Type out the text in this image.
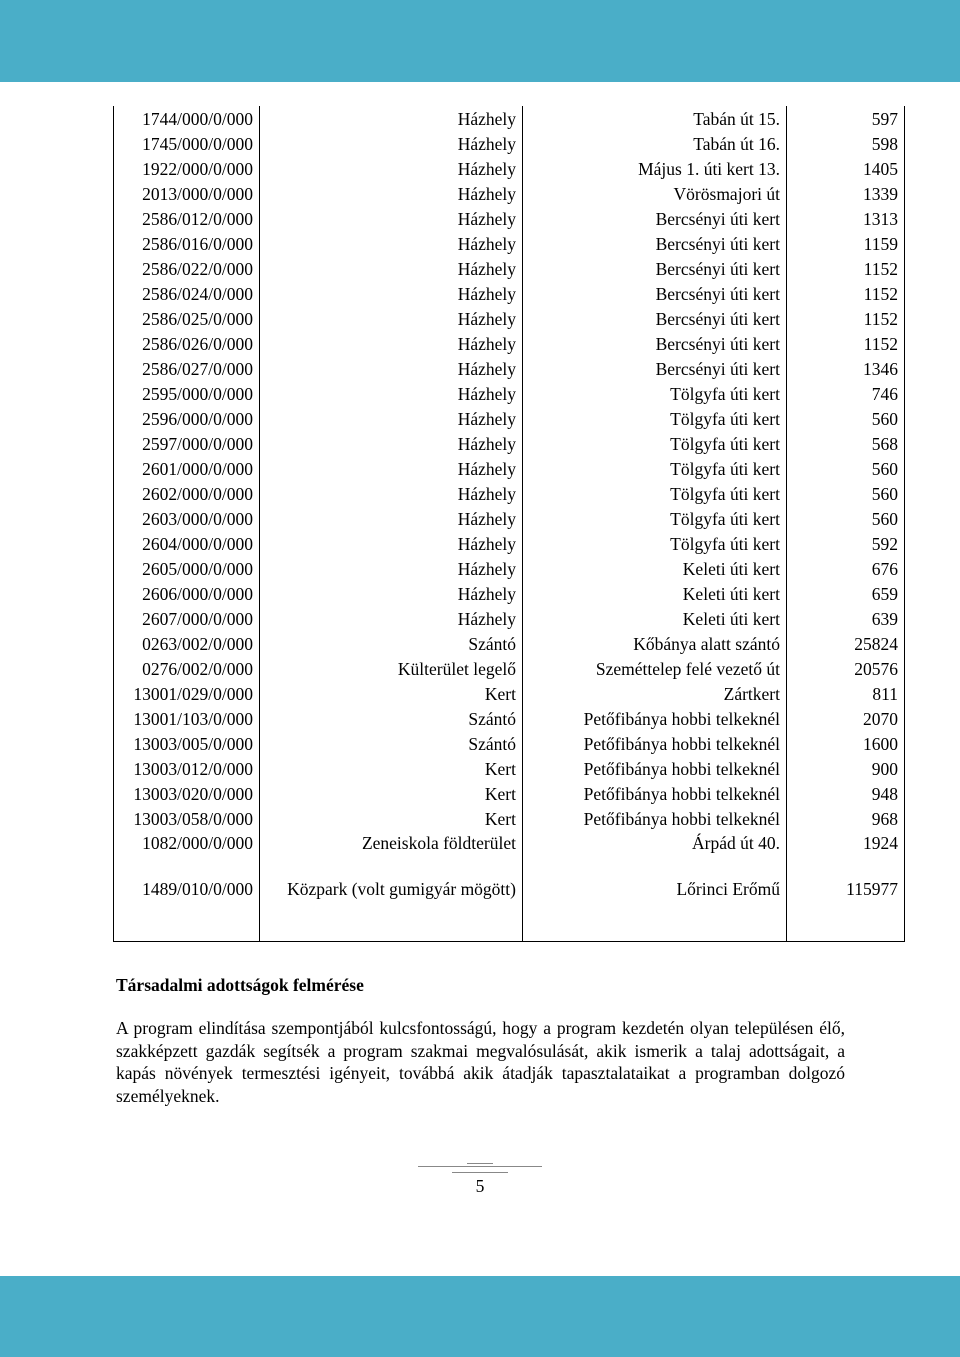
1744/000/0/000	Házhely	Tabán út 15.	597
1745/000/0/000	Házhely	Tabán út 16.	598
1922/000/0/000	Házhely	Május 1. úti kert 13.	1405
2013/000/0/000	Házhely	Vörösmajori út	1339
2586/012/0/000	Házhely	Bercsényi úti kert	1313
2586/016/0/000	Házhely	Bercsényi úti kert	1159
2586/022/0/000	Házhely	Bercsényi úti kert	1152
2586/024/0/000	Házhely	Bercsényi úti kert	1152
2586/025/0/000	Házhely	Bercsényi úti kert	1152
2586/026/0/000	Házhely	Bercsényi úti kert	1152
2586/027/0/000	Házhely	Bercsényi úti kert	1346
2595/000/0/000	Házhely	Tölgyfa úti kert	746
2596/000/0/000	Házhely	Tölgyfa úti kert	560
2597/000/0/000	Házhely	Tölgyfa úti kert	568
2601/000/0/000	Házhely	Tölgyfa úti kert	560
2602/000/0/000	Házhely	Tölgyfa úti kert	560
2603/000/0/000	Házhely	Tölgyfa úti kert	560
2604/000/0/000	Házhely	Tölgyfa úti kert	592
2605/000/0/000	Házhely	Keleti úti kert	676
2606/000/0/000	Házhely	Keleti úti kert	659
2607/000/0/000	Házhely	Keleti úti kert	639
0263/002/0/000	Szántó	Kőbánya alatt szántó	25824
0276/002/0/000	Külterület legelő	Szeméttelep felé vezető út	20576
13001/029/0/000	Kert	Zártkert	811
13001/103/0/000	Szántó	Petőfibánya hobbi telkeknél	2070
13003/005/0/000	Szántó	Petőfibánya hobbi telkeknél	1600
13003/012/0/000	Kert	Petőfibánya hobbi telkeknél	900
13003/020/0/000	Kert	Petőfibánya hobbi telkeknél	948
13003/058/0/000	Kert	Petőfibánya hobbi telkeknél	968
1082/000/0/000	Zeneiskola földterület	Árpád út 40.	1924
1489/010/0/000	Közpark (volt gumigyár mögött)	Lőrinci Erőmű	115977
Társadalmi adottságok felmérése
A program elindítása szempontjából kulcsfontosságú, hogy a program kezdetén olyan településen élő, szakképzett gazdák segítsék a program szakmai megvalósulását, akik ismerik a talaj adottságait, a kapás növények termesztési igényeit, továbbá akik átadják tapasztalataikat a programban dolgozó személyeknek.
5
